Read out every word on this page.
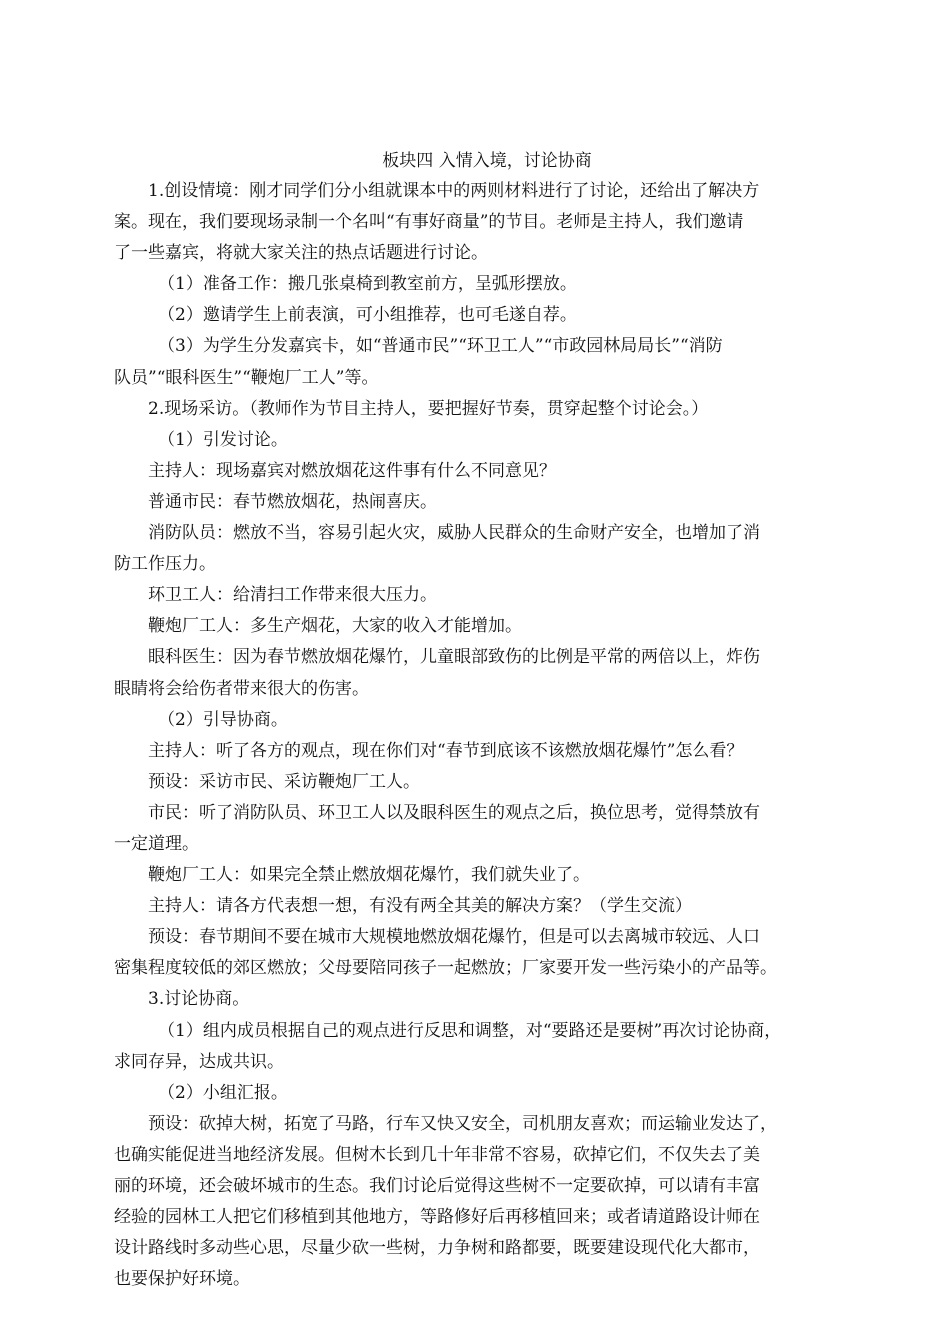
板块四 入情入境，讨论协商
1.创设情境：刚才同学们分小组就课本中的两则材料进行了讨论，还给出了解决方
案。现在，我们要现场录制一个名叫“有事好商量”的节目。老师是主持人，我们邀请
了一些嘉宾，将就大家关注的热点话题进行讨论。
（1）准备工作：搬几张桌椅到教室前方，呈弧形摆放。
（2）邀请学生上前表演，可小组推荐，也可毛遂自荐。
（3）为学生分发嘉宾卡，如“普通市民”“环卫工人”“市政园林局局长”“消防
队员”“眼科医生”“鞭炮厂工人”等。
2.现场采访。（教师作为节目主持人，要把握好节奏，贯穿起整个讨论会。）
（1）引发讨论。
主持人：现场嘉宾对燃放烟花这件事有什么不同意见？
普通市民：春节燃放烟花，热闹喜庆。
消防队员：燃放不当，容易引起火灾，威胁人民群众的生命财产安全，也增加了消
防工作压力。
环卫工人：给清扫工作带来很大压力。
鞭炮厂工人：多生产烟花，大家的收入才能增加。
眼科医生：因为春节燃放烟花爆竹，儿童眼部致伤的比例是平常的两倍以上，炸伤
眼睛将会给伤者带来很大的伤害。
（2）引导协商。
主持人：听了各方的观点，现在你们对“春节到底该不该燃放烟花爆竹”怎么看？
预设：采访市民、采访鞭炮厂工人。
市民：听了消防队员、环卫工人以及眼科医生的观点之后，换位思考，觉得禁放有
一定道理。
鞭炮厂工人：如果完全禁止燃放烟花爆竹，我们就失业了。
主持人：请各方代表想一想，有没有两全其美的解决方案？（学生交流）
预设：春节期间不要在城市大规模地燃放烟花爆竹，但是可以去离城市较远、人口
密集程度较低的郊区燃放；父母要陪同孩子一起燃放；厂家要开发一些污染小的产品等。
3.讨论协商。
（1）组内成员根据自己的观点进行反思和调整，对“要路还是要树”再次讨论协商，
求同存异，达成共识。
（2）小组汇报。
预设：砍掉大树，拓宽了马路，行车又快又安全，司机朋友喜欢；而运输业发达了，
也确实能促进当地经济发展。但树木长到几十年非常不容易，砍掉它们，不仅失去了美
丽的环境，还会破坏城市的生态。我们讨论后觉得这些树不一定要砍掉，可以请有丰富
经验的园林工人把它们移植到其他地方，等路修好后再移植回来；或者请道路设计师在
设计路线时多动些心思，尽量少砍一些树，力争树和路都要，既要建设现代化大都市，
也要保护好环境。
